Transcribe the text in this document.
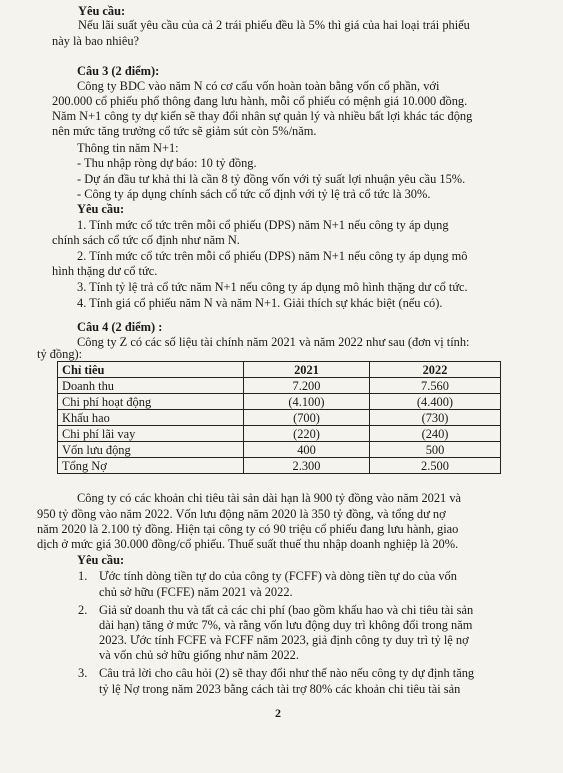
Yêu cầu:
Nếu lãi suất yêu cầu của cả 2 trái phiếu đều là 5% thì giá của hai loại trái phiếu
này là bao nhiêu?
Câu 3 (2 điểm):
Công ty BDC vào năm N có cơ cấu vốn hoàn toàn bằng vốn cổ phần, với
200.000 cổ phiếu phổ thông đang lưu hành, mỗi cổ phiếu có mệnh giá 10.000 đồng.
Năm N+1 công ty dự kiến sẽ thay đổi nhân sự quản lý và nhiều bất lợi khác tác động
nên mức tăng trưởng cổ tức sẽ giảm sút còn 5%/năm.
Thông tin năm N+1:
- Thu nhập ròng dự báo: 10 tỷ đồng.
- Dự án đầu tư khả thi là cần 8 tỷ đồng vốn với tỷ suất lợi nhuận yêu cầu 15%.
- Công ty áp dụng chính sách cổ tức cố định với tỷ lệ trả cổ tức là 30%.
Yêu cầu:
1. Tính mức cổ tức trên mỗi cổ phiếu (DPS) năm N+1 nếu công ty áp dụng
chính sách cổ tức cố định như năm N.
2. Tính mức cổ tức trên mỗi cổ phiếu (DPS) năm N+1 nếu công ty áp dụng mô
hình thặng dư cổ tức.
3. Tính tỷ lệ trả cổ tức năm N+1 nếu công ty áp dụng mô hình thặng dư cổ tức.
4. Tính giá cổ phiếu năm N và năm N+1. Giải thích sự khác biệt (nếu có).
Câu 4 (2 điểm) :
Công ty Z có các số liệu tài chính năm 2021 và năm 2022 như sau (đơn vị tính:
tỷ đồng):
Chỉ tiêu	2021	2022
Doanh thu	7.200	7.560
Chi phí hoạt động	(4.100)	(4.400)
Khấu hao	(700)	(730)
Chi phí lãi vay	(220)	(240)
Vốn lưu động	400	500
Tổng Nợ	2.300	2.500
Công ty có các khoản chi tiêu tài sản dài hạn là 900 tỷ đồng vào năm 2021 và
950 tỷ đồng vào năm 2022. Vốn lưu động năm 2020 là 350 tỷ đồng, và tổng dư nợ
năm 2020 là 2.100 tỷ đồng. Hiện tại công ty có 90 triệu cổ phiếu đang lưu hành, giao
dịch ở mức giá 30.000 đồng/cổ phiếu. Thuế suất thuế thu nhập doanh nghiệp là 20%.
Yêu cầu:
1. Ước tính dòng tiền tự do của công ty (FCFF) và dòng tiền tự do của vốn
chủ sở hữu (FCFE) năm 2021 và 2022.
2. Giả sử doanh thu và tất cả các chi phí (bao gồm khấu hao và chi tiêu tài sản
dài hạn) tăng ở mức 7%, và rằng vốn lưu động duy trì không đổi trong năm
2023. Ước tính FCFE và FCFF năm 2023, giả định công ty duy trì tỷ lệ nợ
và vốn chủ sở hữu giống như năm 2022.
3. Câu trả lời cho câu hỏi (2) sẽ thay đổi như thế nào nếu công ty dự định tăng
tỷ lệ Nợ trong năm 2023 bằng cách tài trợ 80% các khoản chi tiêu tài sản
2
